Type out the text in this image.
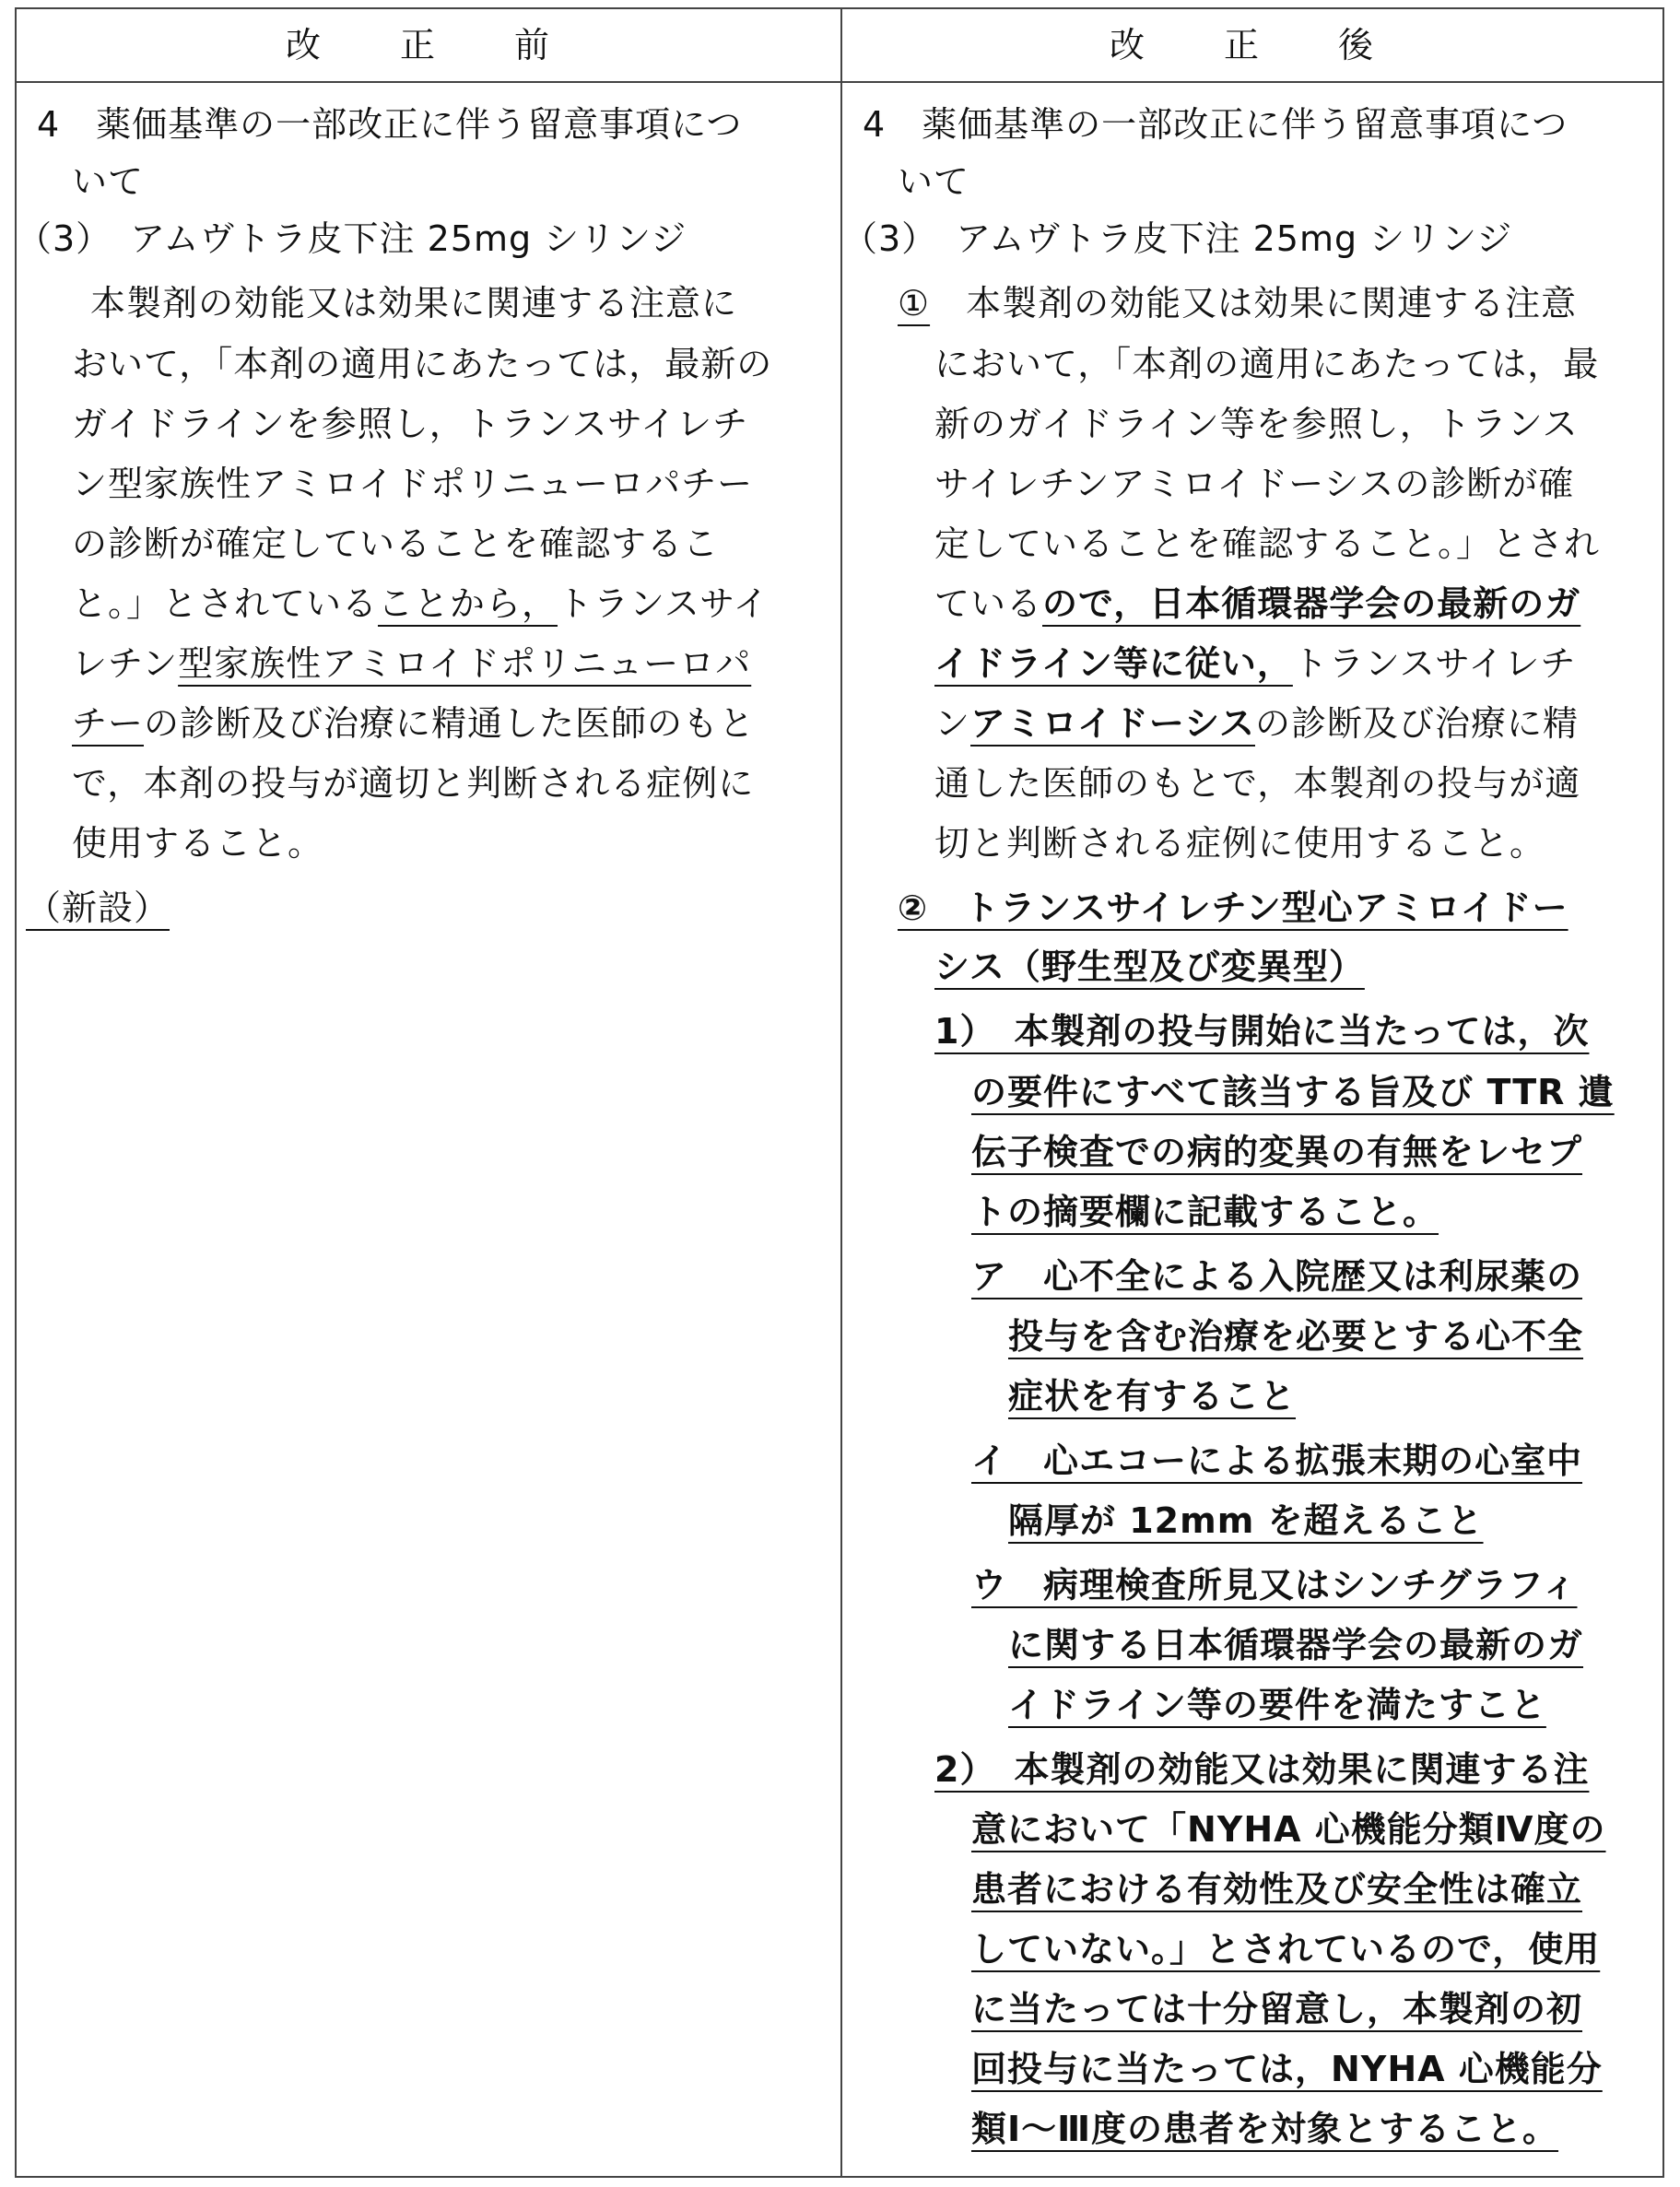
改　正　前	改　正　後
4　薬価基準の一部改正に伴う留意事項につ
いて
（3）　アムヴトラ皮下注 25mg シリンジ
本製剤の効能又は効果に関連する注意に
おいて，「本剤の適用にあたっては，最新の
ガイドラインを参照し，トランスサイレチ
ン型家族性アミロイドポリニューロパチー
の診断が確定していることを確認するこ
と。」とされていることから，トランスサイ
レチン型家族性アミロイドポリニューロパ
チーの診断及び治療に精通した医師のもと
で，本剤の投与が適切と判断される症例に
使用すること。
（新設）
4　薬価基準の一部改正に伴う留意事項につ
いて
（3）　アムヴトラ皮下注 25mg シリンジ
①　本製剤の効能又は効果に関連する注意
において，「本剤の適用にあたっては，最
新のガイドライン等を参照し，トランス
サイレチンアミロイドーシスの診断が確
定していることを確認すること。」とされ
ているので，日本循環器学会の最新のガ
イドライン等に従い，トランスサイレチ
ンアミロイドーシスの診断及び治療に精
通した医師のもとで，本製剤の投与が適
切と判断される症例に使用すること。
②　トランスサイレチン型心アミロイドー
シス（野生型及び変異型）
1）　本製剤の投与開始に当たっては，次
の要件にすべて該当する旨及び TTR 遺
伝子検査での病的変異の有無をレセプ
トの摘要欄に記載すること。
ア　心不全による入院歴又は利尿薬の
投与を含む治療を必要とする心不全
症状を有すること
イ　心エコーによる拡張末期の心室中
隔厚が 12mm を超えること
ウ　病理検査所見又はシンチグラフィ
に関する日本循環器学会の最新のガ
イドライン等の要件を満たすこと
2）　本製剤の効能又は効果に関連する注
意において「NYHA 心機能分類Ⅳ度の
患者における有効性及び安全性は確立
していない。」とされているので，使用
に当たっては十分留意し，本製剤の初
回投与に当たっては，NYHA 心機能分
類Ⅰ～Ⅲ度の患者を対象とすること。
